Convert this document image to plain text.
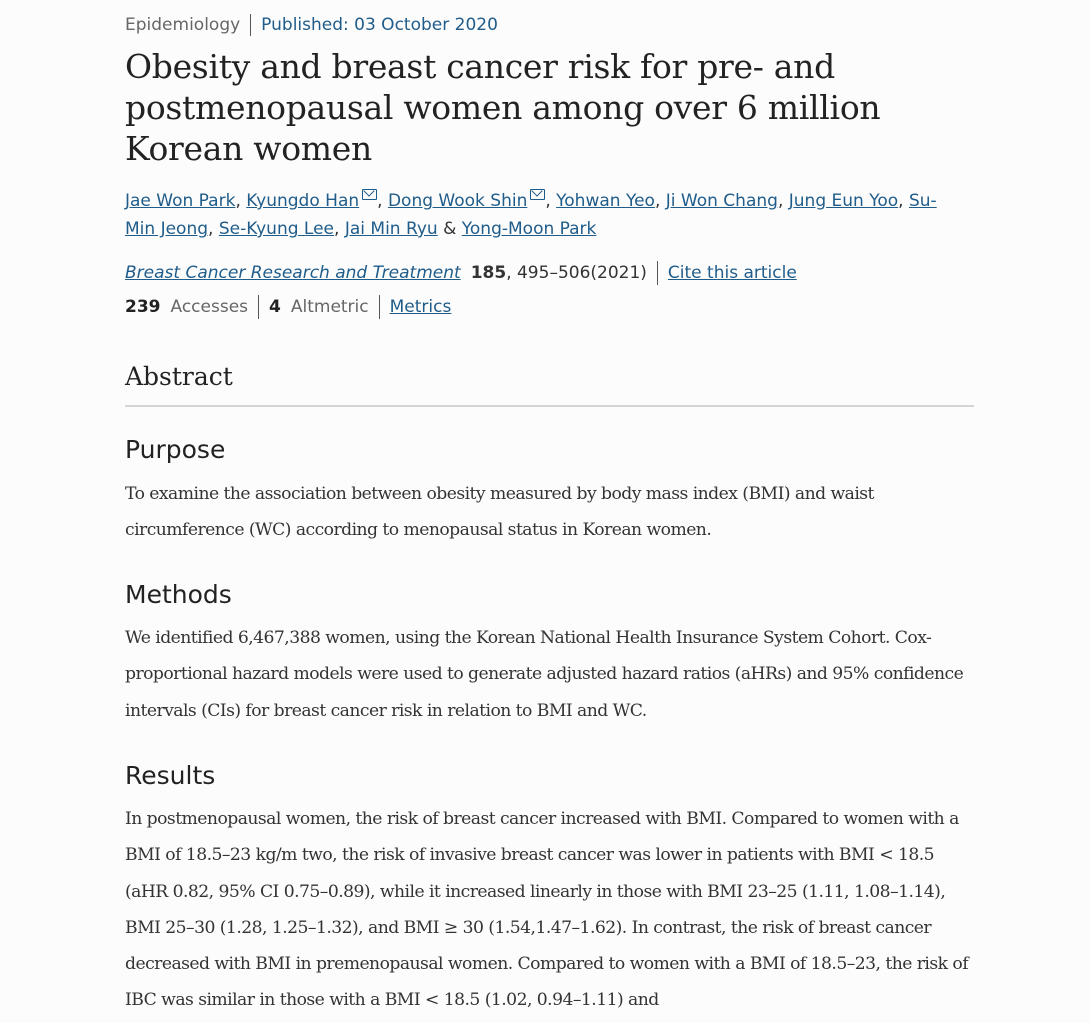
Epidemiology Published: 03 October 2020
Obesity and breast cancer risk for pre- and postmenopausal women among over 6 million Korean women
Jae Won Park, Kyungdo Han , Dong Wook Shin , Yohwan Yeo, Ji Won Chang, Jung Eun Yoo, Su-Min Jeong, Se-Kyung Lee, Jai Min Ryu & Yong-Moon Park
Breast Cancer Research and Treatment 185 , 495–506(2021) Cite this article
239 Accesses 4 Altmetric Metrics
Abstract
Purpose

To examine the association between obesity measured by body mass index (BMI) and waist circumference (WC) according to menopausal status in Korean women.

Methods

We identified 6,467,388 women, using the Korean National Health Insurance System Cohort. Cox-proportional hazard models were used to generate adjusted hazard ratios (aHRs) and 95% confidence intervals (CIs) for breast cancer risk in relation to BMI and WC.

Results

In postmenopausal women, the risk of breast cancer increased with BMI. Compared to women with a BMI of 18.5–23 kg/m two, the risk of invasive breast cancer was lower in patients with BMI < 18.5 (aHR 0.82, 95% CI 0.75–0.89), while it increased linearly in those with BMI 23–25 (1.11, 1.08–1.14), BMI 25–30 (1.28, 1.25–1.32), and BMI ≥ 30 (1.54,1.47–1.62). In contrast, the risk of breast cancer decreased with BMI in premenopausal women. Compared to women with a BMI of 18.5–23, the risk of IBC was similar in those with a BMI < 18.5 (1.02, 0.94–1.11) and
